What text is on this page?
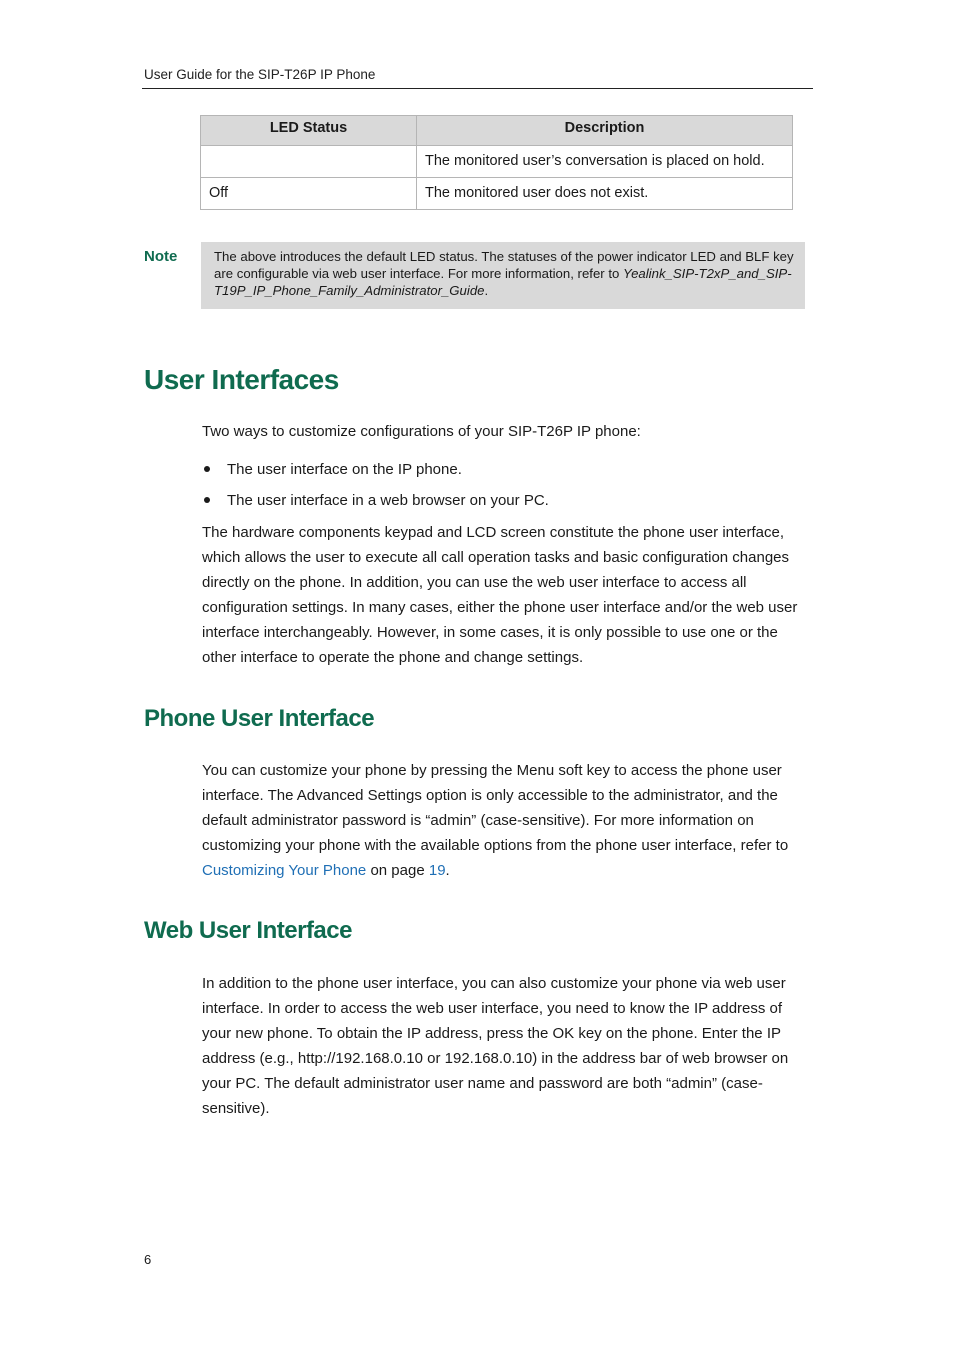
User Guide for the SIP-T26P IP Phone
LED Status	Description
	The monitored user’s conversation is placed on hold.
Off	The monitored user does not exist.
Note	The above introduces the default LED status. The statuses of the power indicator LED and BLF key are configurable via web user interface. For more information, refer to Yealink_SIP-T2xP_and_SIP-T19P_IP_Phone_Family_Administrator_Guide.
User Interfaces

Two ways to customize configurations of your SIP-T26P IP phone:

The user interface on the IP phone.
The user interface in a web browser on your PC.

The hardware components keypad and LCD screen constitute the phone user interface, which allows the user to execute all call operation tasks and basic configuration changes directly on the phone. In addition, you can use the web user interface to access all configuration settings. In many cases, either the phone user interface and/or the web user interface interchangeably. However, in some cases, it is only possible to use one or the other interface to operate the phone and change settings.

Phone User Interface

You can customize your phone by pressing the Menu soft key to access the phone user interface. The Advanced Settings option is only accessible to the administrator, and the default administrator password is “admin” (case-sensitive). For more information on customizing your phone with the available options from the phone user interface, refer to Customizing Your Phone on page 19.

Web User Interface

In addition to the phone user interface, you can also customize your phone via web user interface. In order to access the web user interface, you need to know the IP address of your new phone. To obtain the IP address, press the OK key on the phone. Enter the IP address (e.g., http://192.168.0.10 or 192.168.0.10) in the address bar of web browser on your PC. The default administrator user name and password are both “admin” (case-sensitive).

6
